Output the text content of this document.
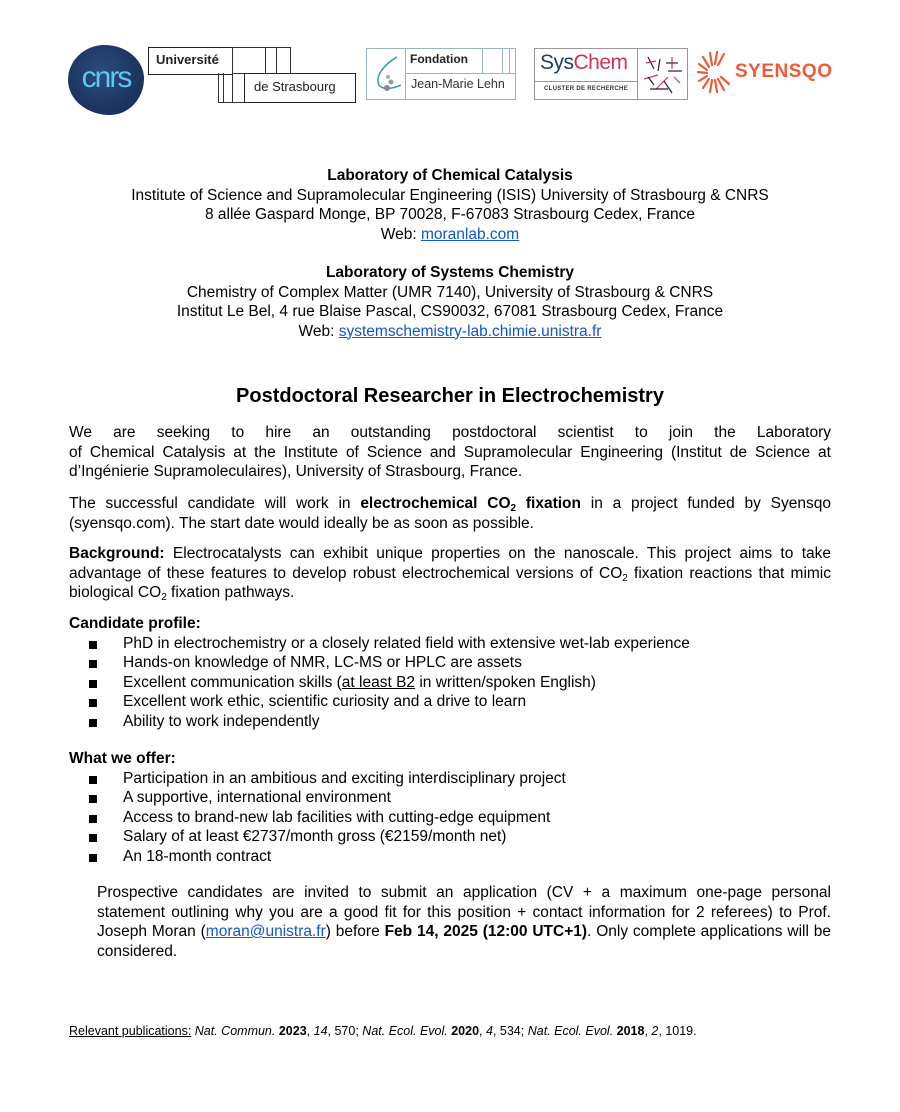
cnrs
Université
de Strasbourg
Fondation
Jean-Marie Lehn
SysChem
CLUSTER DE RECHERCHE
SYENSQO
Laboratory of Chemical Catalysis
Institute of Science and Supramolecular Engineering (ISIS) University of Strasbourg & CNRS
8 allée Gaspard Monge, BP 70028, F-67083 Strasbourg Cedex, France
Web: moranlab.com
Laboratory of Systems Chemistry
Chemistry of Complex Matter (UMR 7140), University of Strasbourg & CNRS
Institut Le Bel, 4 rue Blaise Pascal, CS90032, 67081 Strasbourg Cedex, France
Web: systemschemistry-lab.chimie.unistra.fr
Postdoctoral Researcher in Electrochemistry

We are seeking to hire an outstanding postdoctoral scientist to join the Laboratory

of Chemical Catalysis at the Institute of Science and Supramolecular Engineering (Institut de Science at d’Ingénierie Supramoleculaires), University of Strasbourg, France.

The successful candidate will work in electrochemical $CO_2$ fixation in a project funded by Syensqo (syensqo.com). The start date would ideally be as soon as possible.
Background: Electrocatalysts can exhibit unique properties on the nanoscale. This project aims to take advantage of these features to develop robust electrochemical versions of $CO_2$ fixation reactions that mimic biological $CO_2$ fixation pathways.
Candidate profile:
PhD in electrochemistry or a closely related field with extensive wet-lab experience
Hands-on knowledge of NMR, LC-MS or HPLC are assets
Excellent communication skills (at least B2 in written/spoken English)
Excellent work ethic, scientific curiosity and a drive to learn
Ability to work independently
What we offer:
Participation in an ambitious and exciting interdisciplinary project
A supportive, international environment
Access to brand-new lab facilities with cutting-edge equipment
Salary of at least €2737/month gross (€2159/month net)
An 18-month contract
Prospective candidates are invited to submit an application (CV + a maximum one-page personal statement outlining why you are a good fit for this position + contact information for 2 referees) to Prof. Joseph Moran (moran@unistra.fr) before Feb 14, 2025 (12:00 UTC+1). Only complete applications will be considered.
Relevant publications: Nat. Commun. 2023, 14, 570; Nat. Ecol. Evol. 2020, 4, 534; Nat. Ecol. Evol. 2018, 2, 1019.
